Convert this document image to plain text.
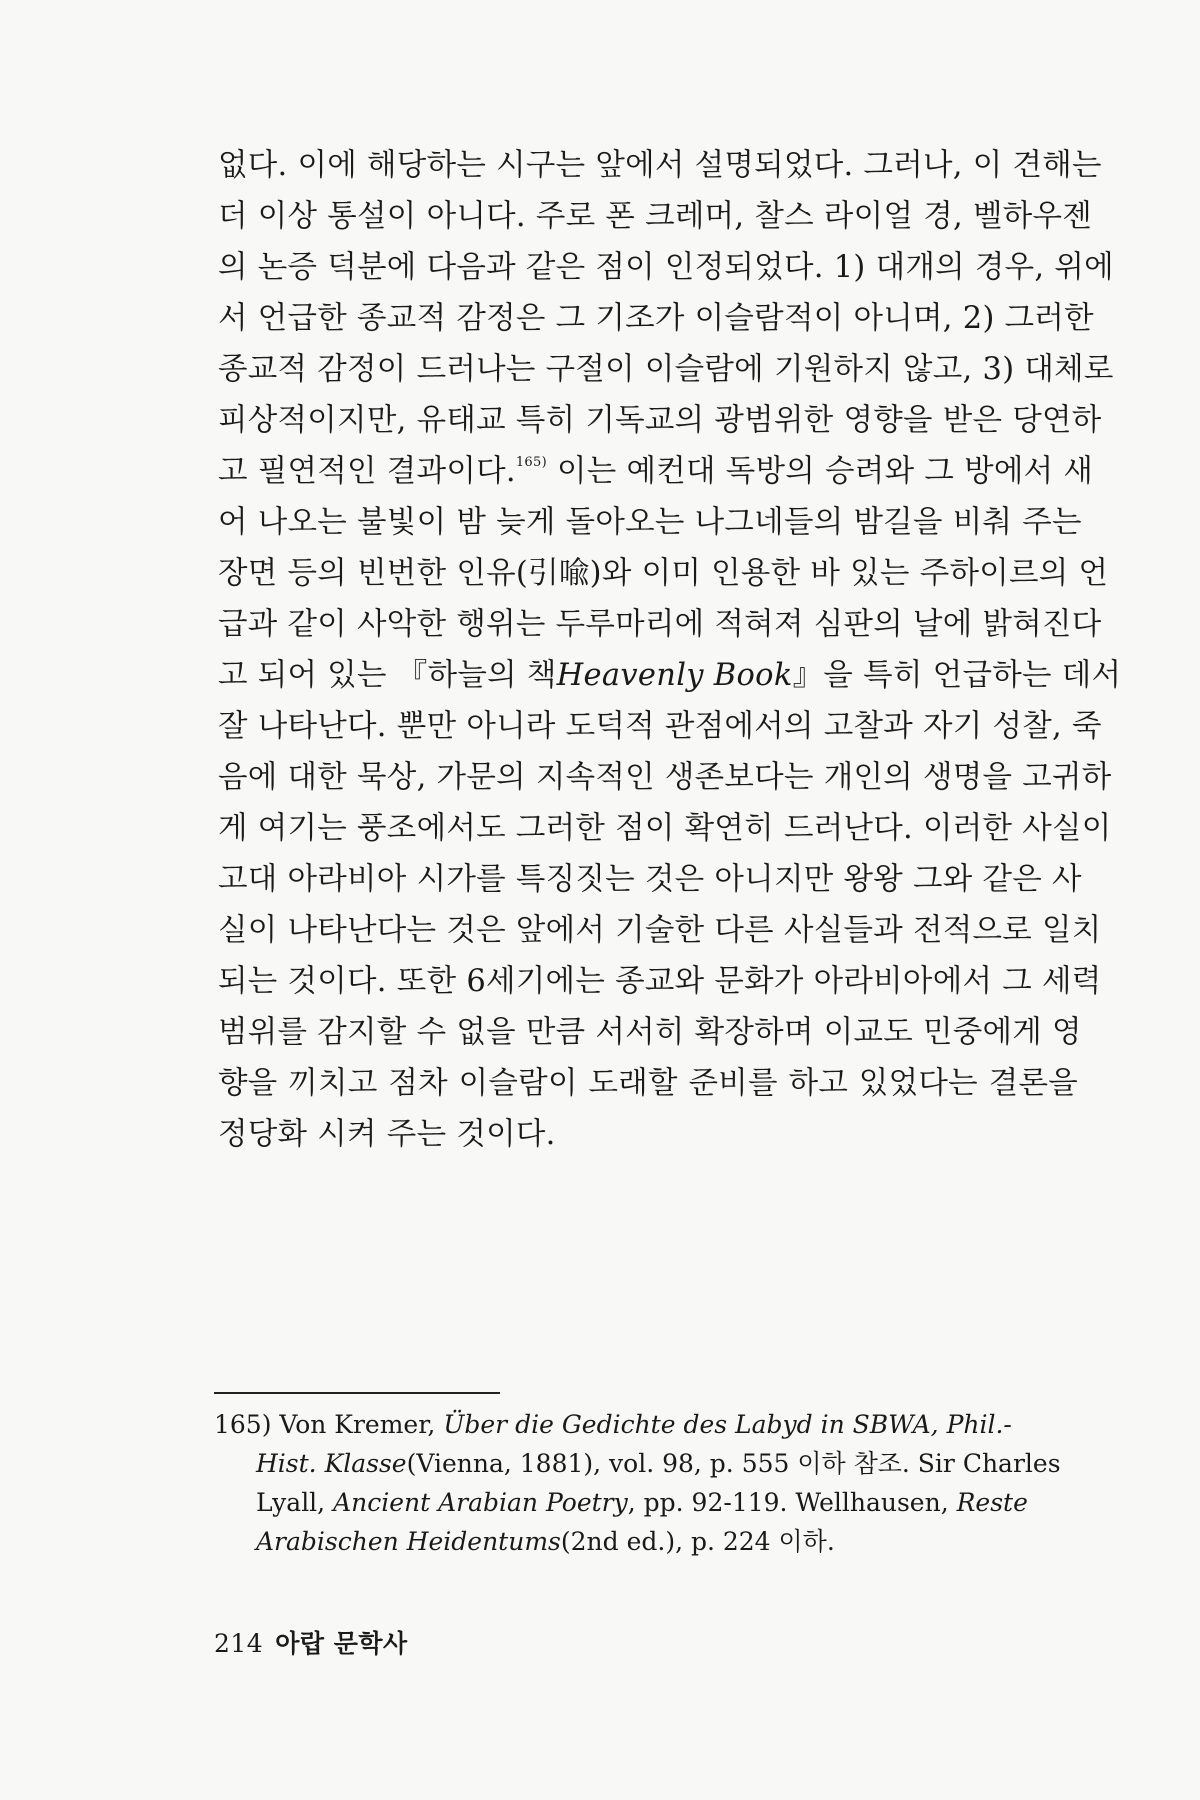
없다. 이에 해당하는 시구는 앞에서 설명되었다. 그러나, 이 견해는
더 이상 통설이 아니다. 주로 폰 크레머, 찰스 라이얼 경, 벨하우젠
의 논증 덕분에 다음과 같은 점이 인정되었다. 1) 대개의 경우, 위에
서 언급한 종교적 감정은 그 기조가 이슬람적이 아니며, 2) 그러한
종교적 감정이 드러나는 구절이 이슬람에 기원하지 않고, 3) 대체로
피상적이지만, 유태교 특히 기독교의 광범위한 영향을 받은 당연하
고 필연적인 결과이다.$^{165)}$ 이는 예컨대 독방의 승려와 그 방에서 새
어 나오는 불빛이 밤 늦게 돌아오는 나그네들의 밤길을 비춰 주는
장면 등의 빈번한 인유(引喩)와 이미 인용한 바 있는 주하이르의 언
급과 같이 사악한 행위는 두루마리에 적혀져 심판의 날에 밝혀진다
고 되어 있는 『하늘의 책Heavenly Book』을 특히 언급하는 데서
잘 나타난다. 뿐만 아니라 도덕적 관점에서의 고찰과 자기 성찰, 죽
음에 대한 묵상, 가문의 지속적인 생존보다는 개인의 생명을 고귀하
게 여기는 풍조에서도 그러한 점이 확연히 드러난다. 이러한 사실이
고대 아라비아 시가를 특징짓는 것은 아니지만 왕왕 그와 같은 사
실이 나타난다는 것은 앞에서 기술한 다른 사실들과 전적으로 일치
되는 것이다. 또한 6세기에는 종교와 문화가 아라비아에서 그 세력
범위를 감지할 수 없을 만큼 서서히 확장하며 이교도 민중에게 영
향을 끼치고 점차 이슬람이 도래할 준비를 하고 있었다는 결론을
정당화 시켜 주는 것이다.
165) Von Kremer, Über die Gedichte des Labyd in SBWA, Phil.-
Hist. Klasse(Vienna, 1881), vol. 98, p. 555 이하 참조. Sir Charles
Lyall, Ancient Arabian Poetry, pp. 92-119. Wellhausen, Reste
Arabischen Heidentums(2nd ed.), p. 224 이하.
214 아랍 문학사
